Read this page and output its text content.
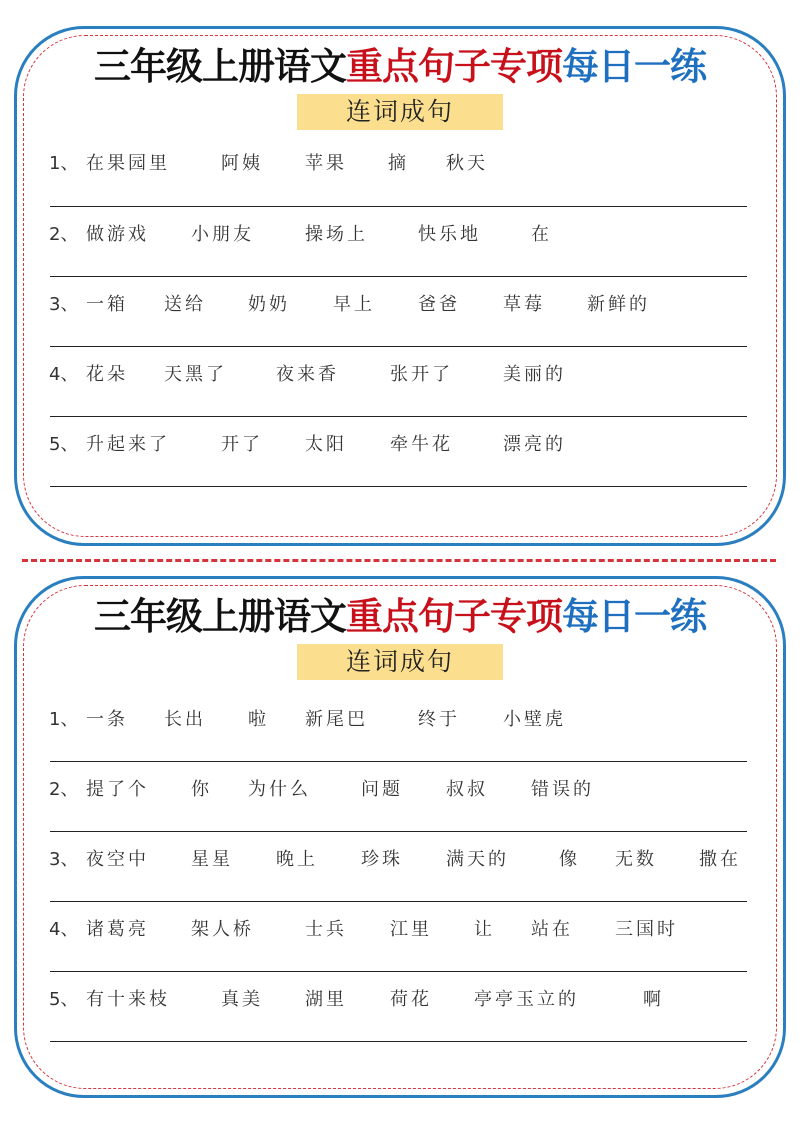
三年级上册语文重点句子专项每日一练
连词成句
1、 在果园里	阿姨 苹果 摘 秋天
2、 做游戏 小朋友	操场上	快乐地	在
3、 一箱 送给 奶奶 早上 爸爸 草莓 新鲜的
4、 花朵 天黑了	夜来香	张开了	美丽的
5、 升起来了	开了 太阳 牵牛花	漂亮的
三年级上册语文重点句子专项每日一练
连词成句
1、 一条 长出 啦 新尾巴	终于 小壁虎
2、 提了个 你 为什么	问题 叔叔 错误的
3、 夜空中 星星 晚上 珍珠 满天的	像 无数 撒在
4、 诸葛亮 架人桥	士兵 江里 让 站在 三国时
5、 有十来枝	真美 湖里 荷花 亭亭玉立的	啊
